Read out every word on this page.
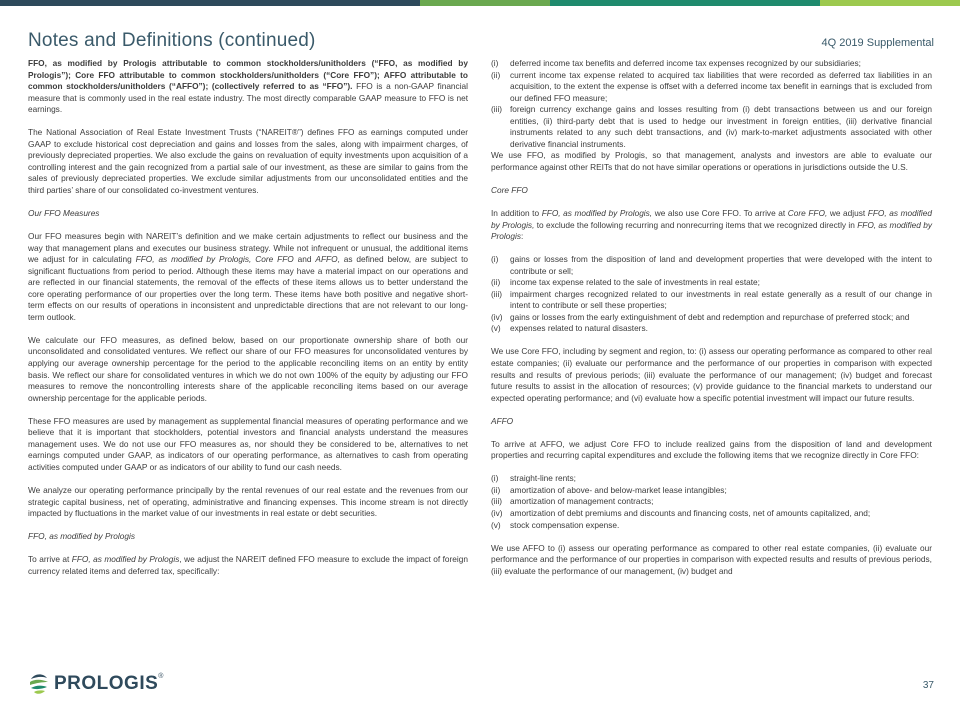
Notes and Definitions (continued)	4Q 2019 Supplemental

FFO, as modified by Prologis attributable to common stockholders/unitholders (“FFO, as modified by Prologis”); Core FFO attributable to common stockholders/unitholders (“Core FFO”); AFFO attributable to common stockholders/unitholders (“AFFO”); (collectively referred to as “FFO”). FFO is a non-GAAP financial measure that is commonly used in the real estate industry. The most directly comparable GAAP measure to FFO is net earnings.

The National Association of Real Estate Investment Trusts (“NAREIT®”) defines FFO as earnings computed under GAAP to exclude historical cost depreciation and gains and losses from the sales, along with impairment charges, of previously depreciated properties. We also exclude the gains on revaluation of equity investments upon acquisition of a controlling interest and the gain recognized from a partial sale of our investment, as these are similar to gains from the sales of previously depreciated properties. We exclude similar adjustments from our unconsolidated entities and the third parties’ share of our consolidated co-investment ventures.

Our FFO Measures

Our FFO measures begin with NAREIT’s definition and we make certain adjustments to reflect our business and the way that management plans and executes our business strategy. While not infrequent or unusual, the additional items we adjust for in calculating FFO, as modified by Prologis, Core FFO and AFFO, as defined below, are subject to significant fluctuations from period to period. Although these items may have a material impact on our operations and are reflected in our financial statements, the removal of the effects of these items allows us to better understand the core operating performance of our properties over the long term. These items have both positive and negative short-term effects on our results of operations in inconsistent and unpredictable directions that are not relevant to our long-term outlook.

We calculate our FFO measures, as defined below, based on our proportionate ownership share of both our unconsolidated and consolidated ventures. We reflect our share of our FFO measures for unconsolidated ventures by applying our average ownership percentage for the period to the applicable reconciling items on an entity by entity basis. We reflect our share for consolidated ventures in which we do not own 100% of the equity by adjusting our FFO measures to remove the noncontrolling interests share of the applicable reconciling items based on our average ownership percentage for the applicable periods.

These FFO measures are used by management as supplemental financial measures of operating performance and we believe that it is important that stockholders, potential investors and financial analysts understand the measures management uses. We do not use our FFO measures as, nor should they be considered to be, alternatives to net earnings computed under GAAP, as indicators of our operating performance, as alternatives to cash from operating activities computed under GAAP or as indicators of our ability to fund our cash needs.

We analyze our operating performance principally by the rental revenues of our real estate and the revenues from our strategic capital business, net of operating, administrative and financing expenses. This income stream is not directly impacted by fluctuations in the market value of our investments in real estate or debt securities.

FFO, as modified by Prologis

To arrive at FFO, as modified by Prologis, we adjust the NAREIT defined FFO measure to exclude the impact of foreign currency related items and deferred tax, specifically:

(i) deferred income tax benefits and deferred income tax expenses recognized by our subsidiaries;
(ii) current income tax expense related to acquired tax liabilities that were recorded as deferred tax liabilities in an acquisition, to the extent the expense is offset with a deferred income tax benefit in earnings that is excluded from our defined FFO measure;
(iii) foreign currency exchange gains and losses resulting from (i) debt transactions between us and our foreign entities, (ii) third-party debt that is used to hedge our investment in foreign entities, (iii) derivative financial instruments related to any such debt transactions, and (iv) mark-to-market adjustments associated with other derivative financial instruments.

We use FFO, as modified by Prologis, so that management, analysts and investors are able to evaluate our performance against other REITs that do not have similar operations or operations in jurisdictions outside the U.S.

Core FFO

In addition to FFO, as modified by Prologis, we also use Core FFO. To arrive at Core FFO, we adjust FFO, as modified by Prologis, to exclude the following recurring and nonrecurring items that we recognized directly in FFO, as modified by Prologis:

(i) gains or losses from the disposition of land and development properties that were developed with the intent to contribute or sell;
(ii) income tax expense related to the sale of investments in real estate;
(iii) impairment charges recognized related to our investments in real estate generally as a result of our change in intent to contribute or sell these properties;
(iv) gains or losses from the early extinguishment of debt and redemption and repurchase of preferred stock; and
(v) expenses related to natural disasters.

We use Core FFO, including by segment and region, to: (i) assess our operating performance as compared to other real estate companies; (ii) evaluate our performance and the performance of our properties in comparison with expected results and results of previous periods; (iii) evaluate the performance of our management; (iv) budget and forecast future results to assist in the allocation of resources; (v) provide guidance to the financial markets to understand our expected operating performance; and (vi) evaluate how a specific potential investment will impact our future results.

AFFO

To arrive at AFFO, we adjust Core FFO to include realized gains from the disposition of land and development properties and recurring capital expenditures and exclude the following items that we recognize directly in Core FFO:

(i) straight-line rents;
(ii) amortization of above- and below-market lease intangibles;
(iii) amortization of management contracts;
(iv) amortization of debt premiums and discounts and financing costs, net of amounts capitalized, and;
(v) stock compensation expense.

We use AFFO to (i) assess our operating performance as compared to other real estate companies, (ii) evaluate our performance and the performance of our properties in comparison with expected results and results of previous periods, (iii) evaluate the performance of our management, (iv) budget and

PROLOGIS®
37
